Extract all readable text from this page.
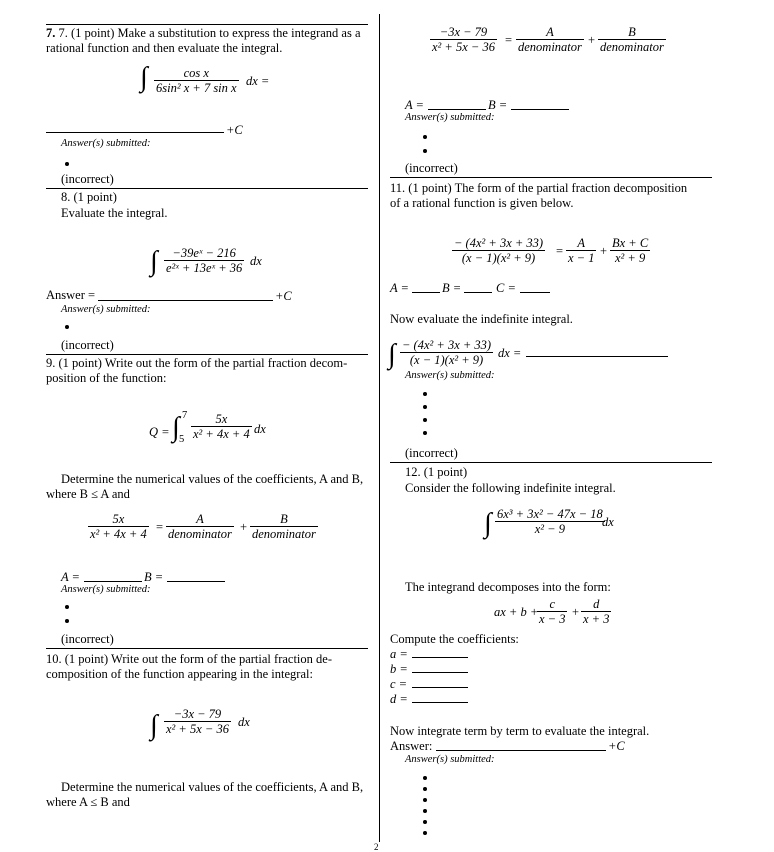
7. 7. (1 point) Make a substitution to express the integrand as a
rational function and then evaluate the integral.
∫ $\frac{\text{cos x}}{\text{6sin² x + 7 sin x}}$ dx =
+C
Answer(s) submitted:
(incorrect)
8. (1 point)
Evaluate the integral.
∫ $\frac{\text{−39eˣ − 216}}{\text{e²ˣ + 13eˣ + 36}}$ dx
Answer =	+C
Answer(s) submitted:
(incorrect)
9. (1 point) Write out the form of the partial fraction decom-
position of the function:
Q = ∫ 7
$5 \frac{5x}{\text{x² + 4x + 4}}$ dx
Determine the numerical values of the coefficients, A and B,
where B ≤ A and
$\frac{5x}{\text{x² + 4x + 4}}$ =
A
denominator +
B
denominator
A =	B =
Answer(s) submitted:
(incorrect)
10. (1 point) Write out the form of the partial fraction de-
composition of the function appearing in the integral:
∫ $\frac{-3x - 79}{\text{x² + 5x − 36}}$ dx
Determine the numerical values of the coefficients, A and B,
where A ≤ B and
$\frac{-3x - 79}{\text{x² + 5x − 36}}$ =
A
denominator +
B
denominator
A =	B =
Answer(s) submitted:
(incorrect)
11. (1 point) The form of the partial fraction decomposition
of a rational function is given below.
$\frac{\text{− (4x² + 3x + 33)}}{\text{(x − 1)(x² + 9)}} = \frac{A}{x - 1} + \frac{Bx + C}{\text{x² + 9}}$
A =	B =	C =
Now evaluate the indefinite integral.
∫ $\frac{\text{− (4x² + 3x + 33)}}{\text{(x − 1)(x² + 9)}}$ dx =
Answer(s) submitted:
(incorrect)
12. (1 point)
Consider the following indefinite integral.
∫ $\frac{\text{6x³ + 3x² − 47x − 18}}{\text{x² − 9}}$
dx
The integrand decomposes into the form:
ax + b +
$\frac{c}{x - 3} + \frac{d}{x + 3}$
Compute the coefficients:
a =
b =
c =
d =
Now integrate term by term to evaluate the integral.
Answer:	+C
Answer(s) submitted:
2
